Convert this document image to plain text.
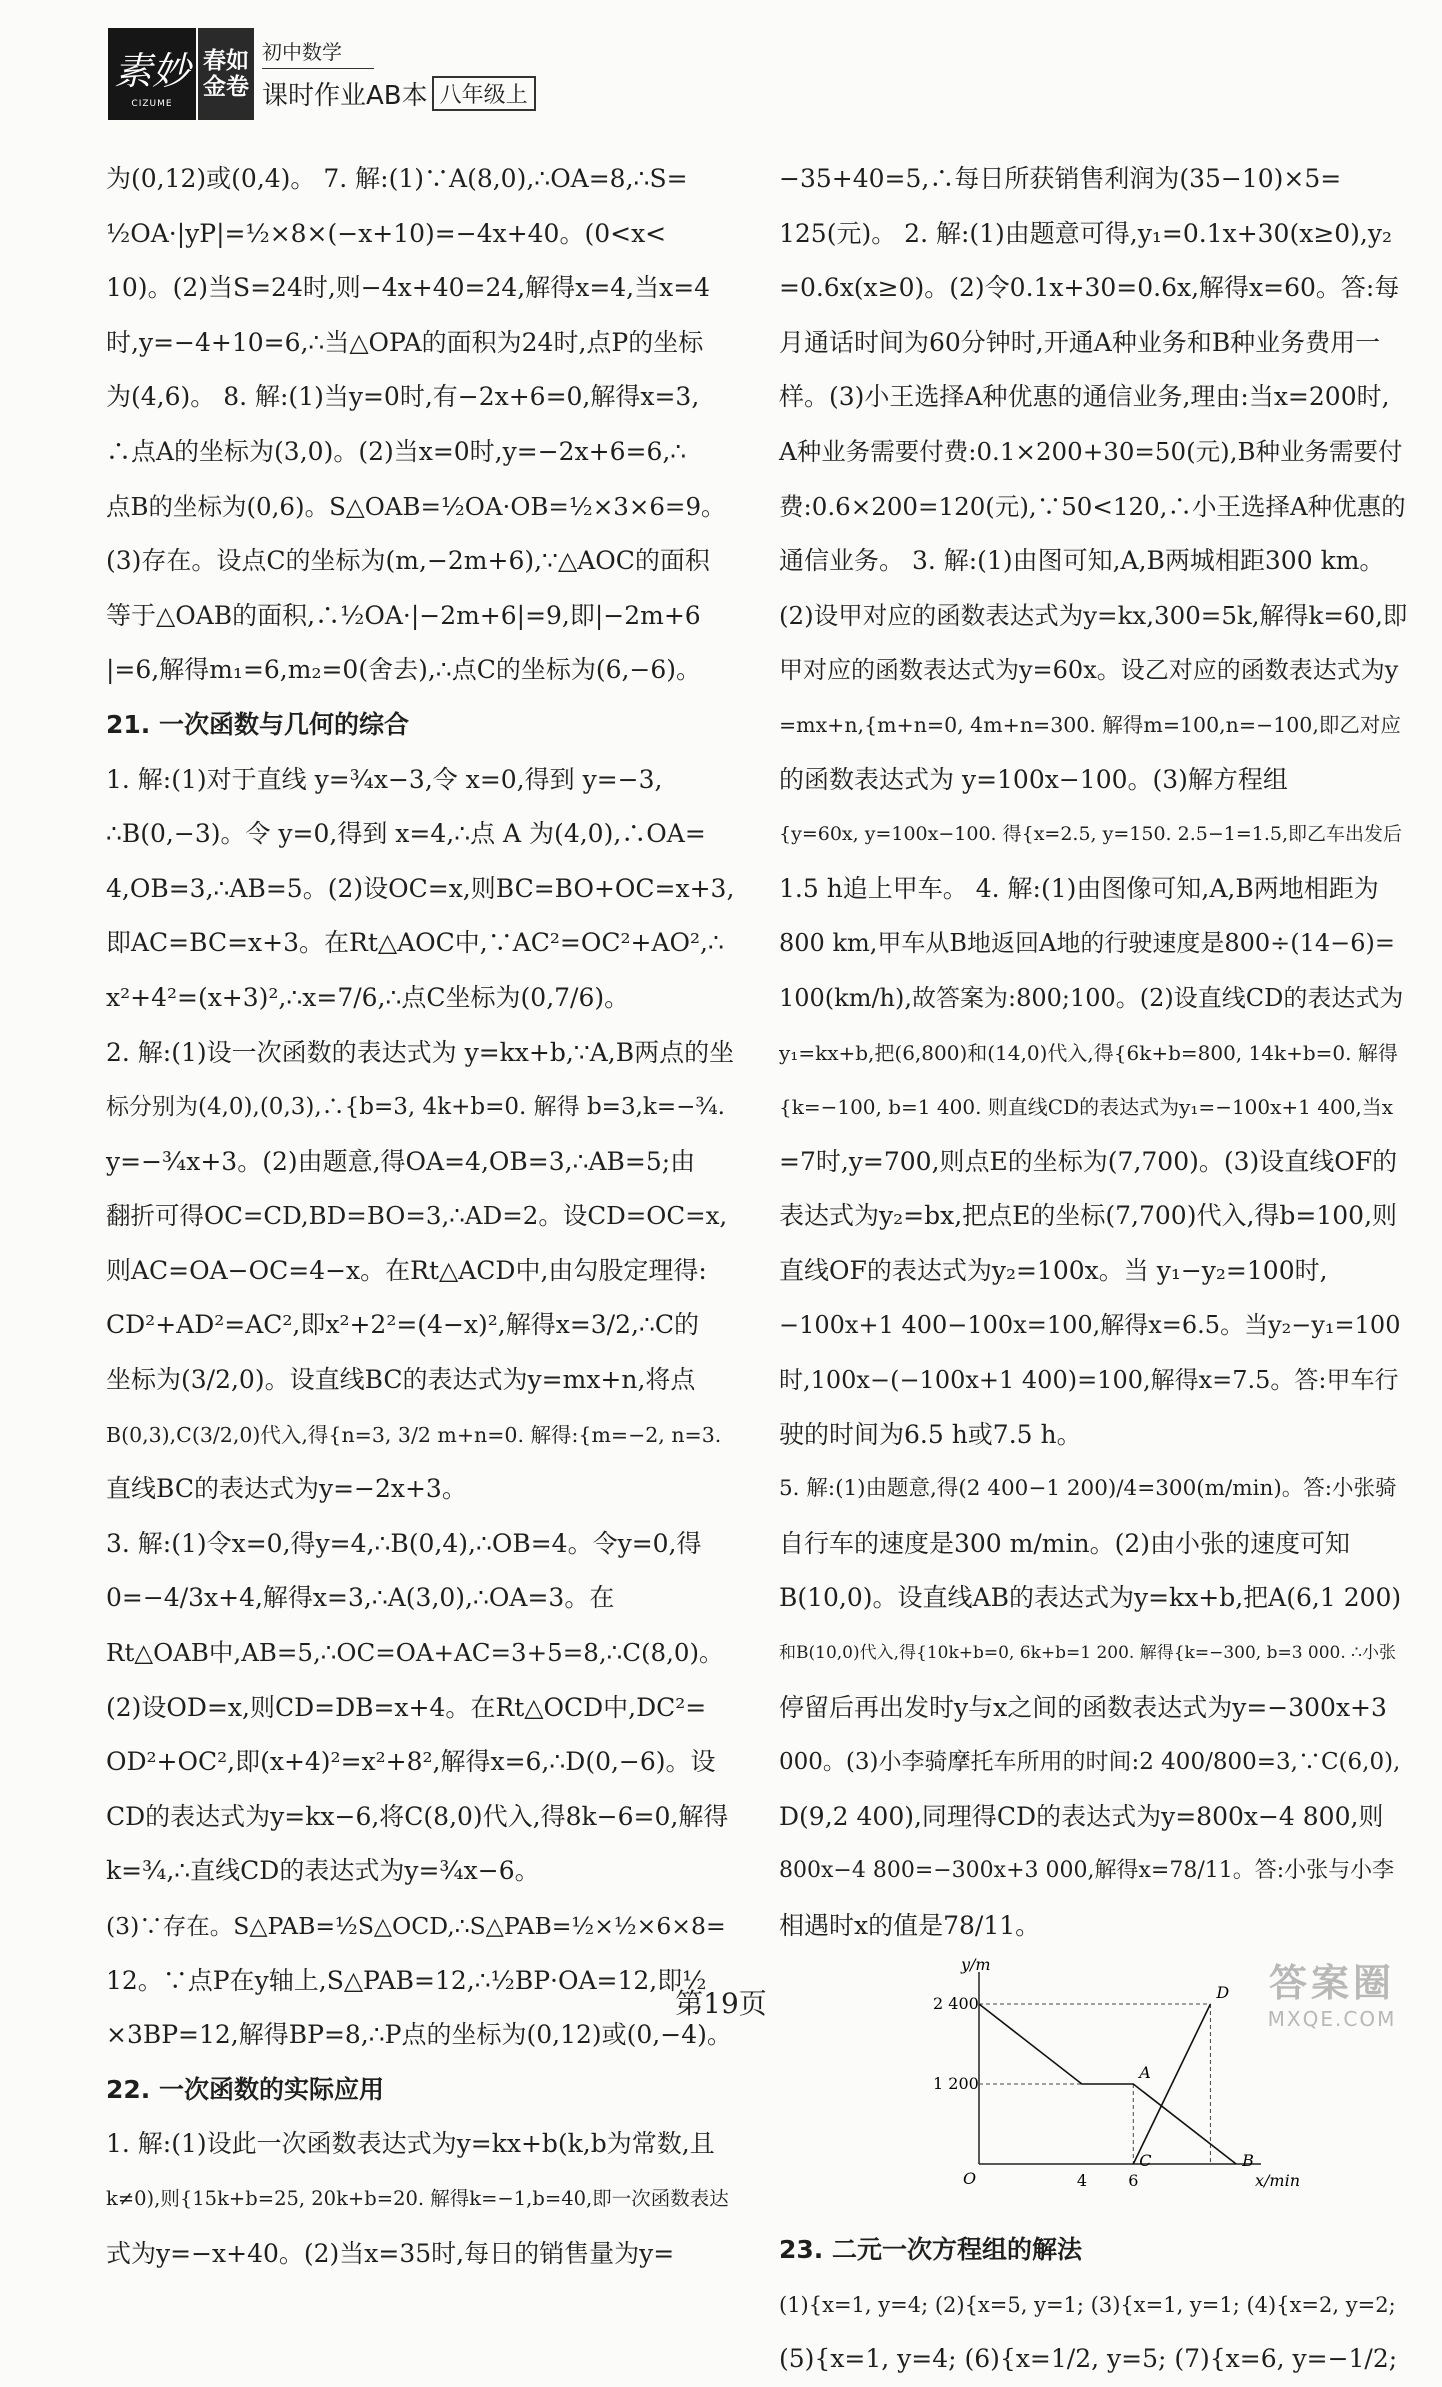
素妙
CIZUME
春如
金卷
初中数学
课时作业AB本 八年级上

为(0,12)或(0,4)。 7. 解:(1)∵A(8,0),∴OA=8,∴S=

½OA·|yP|=½×8×(−x+10)=−4x+40。(0<x<

10)。(2)当S=24时,则−4x+40=24,解得x=4,当x=4

时,y=−4+10=6,∴当△OPA的面积为24时,点P的坐标

为(4,6)。 8. 解:(1)当y=0时,有−2x+6=0,解得x=3,

∴点A的坐标为(3,0)。(2)当x=0时,y=−2x+6=6,∴

点B的坐标为(0,6)。S△OAB=½OA·OB=½×3×6=9。

(3)存在。设点C的坐标为(m,−2m+6),∵△AOC的面积

等于△OAB的面积,∴½OA·|−2m+6|=9,即|−2m+6

|=6,解得m₁=6,m₂=0(舍去),∴点C的坐标为(6,−6)。

21. 一次函数与几何的综合

1. 解:(1)对于直线 y=¾x−3,令 x=0,得到 y=−3,

∴B(0,−3)。令 y=0,得到 x=4,∴点 A 为(4,0),∴OA=

4,OB=3,∴AB=5。(2)设OC=x,则BC=BO+OC=x+3,

即AC=BC=x+3。在Rt△AOC中,∵AC²=OC²+AO²,∴

x²+4²=(x+3)²,∴x=7/6,∴点C坐标为(0,7/6)。

2. 解:(1)设一次函数的表达式为 y=kx+b,∵A,B两点的坐

标分别为(4,0),(0,3),∴{b=3, 4k+b=0. 解得 b=3,k=−¾.

y=−¾x+3。(2)由题意,得OA=4,OB=3,∴AB=5;由

翻折可得OC=CD,BD=BO=3,∴AD=2。设CD=OC=x,

则AC=OA−OC=4−x。在Rt△ACD中,由勾股定理得:

CD²+AD²=AC²,即x²+2²=(4−x)²,解得x=3/2,∴C的

坐标为(3/2,0)。设直线BC的表达式为y=mx+n,将点

B(0,3),C(3/2,0)代入,得{n=3, 3/2 m+n=0. 解得:{m=−2, n=3.

直线BC的表达式为y=−2x+3。

3. 解:(1)令x=0,得y=4,∴B(0,4),∴OB=4。令y=0,得

0=−4/3x+4,解得x=3,∴A(3,0),∴OA=3。在

Rt△OAB中,AB=5,∴OC=OA+AC=3+5=8,∴C(8,0)。

(2)设OD=x,则CD=DB=x+4。在Rt△OCD中,DC²=

OD²+OC²,即(x+4)²=x²+8²,解得x=6,∴D(0,−6)。设

CD的表达式为y=kx−6,将C(8,0)代入,得8k−6=0,解得

k=¾,∴直线CD的表达式为y=¾x−6。

(3)∵存在。S△PAB=½S△OCD,∴S△PAB=½×½×6×8=

12。∵点P在y轴上,S△PAB=12,∴½BP·OA=12,即½

×3BP=12,解得BP=8,∴P点的坐标为(0,12)或(0,−4)。

22. 一次函数的实际应用

1. 解:(1)设此一次函数表达式为y=kx+b(k,b为常数,且

k≠0),则{15k+b=25, 20k+b=20. 解得k=−1,b=40,即一次函数表达

式为y=−x+40。(2)当x=35时,每日的销售量为y=

−35+40=5,∴每日所获销售利润为(35−10)×5=

125(元)。 2. 解:(1)由题意可得,y₁=0.1x+30(x≥0),y₂

=0.6x(x≥0)。(2)令0.1x+30=0.6x,解得x=60。答:每

月通话时间为60分钟时,开通A种业务和B种业务费用一

样。(3)小王选择A种优惠的通信业务,理由:当x=200时,

A种业务需要付费:0.1×200+30=50(元),B种业务需要付

费:0.6×200=120(元),∵50<120,∴小王选择A种优惠的

通信业务。 3. 解:(1)由图可知,A,B两城相距300 km。

(2)设甲对应的函数表达式为y=kx,300=5k,解得k=60,即

甲对应的函数表达式为y=60x。设乙对应的函数表达式为y

=mx+n,{m+n=0, 4m+n=300. 解得m=100,n=−100,即乙对应

的函数表达式为 y=100x−100。(3)解方程组

{y=60x, y=100x−100. 得{x=2.5, y=150. 2.5−1=1.5,即乙车出发后

1.5 h追上甲车。 4. 解:(1)由图像可知,A,B两地相距为

800 km,甲车从B地返回A地的行驶速度是800÷(14−6)=

100(km/h),故答案为:800;100。(2)设直线CD的表达式为

y₁=kx+b,把(6,800)和(14,0)代入,得{6k+b=800, 14k+b=0. 解得

{k=−100, b=1 400. 则直线CD的表达式为y₁=−100x+1 400,当x

=7时,y=700,则点E的坐标为(7,700)。(3)设直线OF的

表达式为y₂=bx,把点E的坐标(7,700)代入,得b=100,则

直线OF的表达式为y₂=100x。当 y₁−y₂=100时,

−100x+1 400−100x=100,解得x=6.5。当y₂−y₁=100

时,100x−(−100x+1 400)=100,解得x=7.5。答:甲车行

驶的时间为6.5 h或7.5 h。

5. 解:(1)由题意,得(2 400−1 200)/4=300(m/min)。答:小张骑

自行车的速度是300 m/min。(2)由小张的速度可知

B(10,0)。设直线AB的表达式为y=kx+b,把A(6,1 200)

和B(10,0)代入,得{10k+b=0, 6k+b=1 200. 解得{k=−300, b=3 000. ∴小张

停留后再出发时y与x之间的函数表达式为y=−300x+3

000。(3)小李骑摩托车所用的时间:2 400/800=3,∵C(6,0),

D(9,2 400),同理得CD的表达式为y=800x−4 800,则

800x−4 800=−300x+3 000,解得x=78/11。答:小张与小李

相遇时x的值是78/11。

x/min
y/m
O	4	6
1 200
2 400
A
B
C
D

23. 二元一次方程组的解法

(1){x=1, y=4; (2){x=5, y=1; (3){x=1, y=1; (4){x=2, y=2;

(5){x=1, y=4; (6){x=1/2, y=5; (7){x=6, y=−1/2;

第19页	答案圈
MXQE.COM
